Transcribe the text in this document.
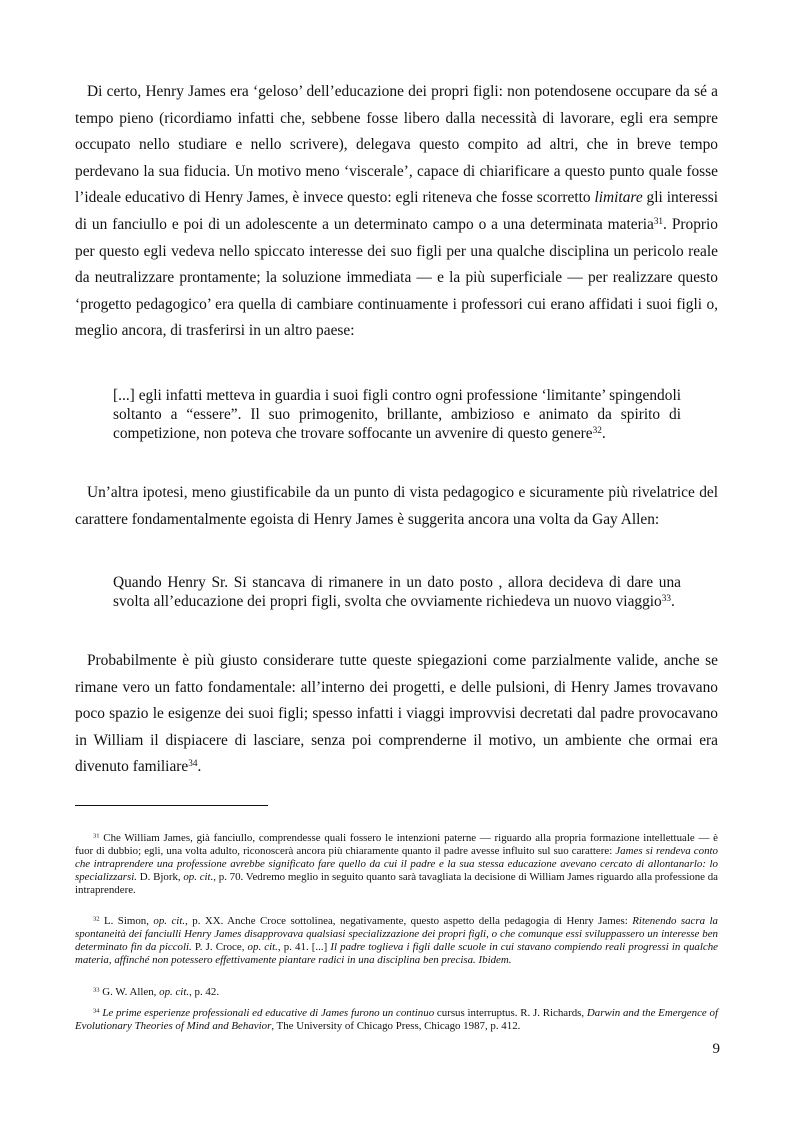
Di certo, Henry James era ‘geloso’ dell’educazione dei propri figli: non potendosene occupare da sé a tempo pieno (ricordiamo infatti che, sebbene fosse libero dalla necessità di lavorare, egli era sempre occupato nello studiare e nello scrivere), delegava questo compito ad altri, che in breve tempo perdevano la sua fiducia. Un motivo meno ‘viscerale’, capace di chiarificare a questo punto quale fosse l’ideale educativo di Henry James, è invece questo: egli riteneva che fosse scorretto limitare gli interessi di un fanciullo e poi di un adolescente a un determinato campo o a una determinata materia$^{31}$. Proprio per questo egli vedeva nello spiccato interesse dei suo figli per una qualche disciplina un pericolo reale da neutralizzare prontamente; la soluzione immediata — e la più superficiale — per realizzare questo ‘progetto pedagogico’ era quella di cambiare continuamente i professori cui erano affidati i suoi figli o, meglio ancora, di trasferirsi in un altro paese:

[...] egli infatti metteva in guardia i suoi figli contro ogni professione ‘limitante’ spingendoli soltanto a “essere”. Il suo primogenito, brillante, ambizioso e animato da spirito di competizione, non poteva che trovare soffocante un avvenire di questo genere$^{32}$.

Un’altra ipotesi, meno giustificabile da un punto di vista pedagogico e sicuramente più rivelatrice del carattere fondamentalmente egoista di Henry James è suggerita ancora una volta da Gay Allen:

Quando Henry Sr. Si stancava di rimanere in un dato posto , allora decideva di dare una svolta all’educazione dei propri figli, svolta che ovviamente richiedeva un nuovo viaggio$^{33}$.

Probabilmente è più giusto considerare tutte queste spiegazioni come parzialmente valide, anche se rimane vero un fatto fondamentale: all’interno dei progetti, e delle pulsioni, di Henry James trovavano poco spazio le esigenze dei suoi figli; spesso infatti i viaggi improvvisi decretati dal padre provocavano in William il dispiacere di lasciare, senza poi comprenderne il motivo, un ambiente che ormai era divenuto familiare$^{34}$.

$^{31}$ Che William James, già fanciullo, comprendesse quali fossero le intenzioni paterne — riguardo alla propria formazione intellettuale — è fuor di dubbio; egli, una volta adulto, riconoscerà ancora più chiaramente quanto il padre avesse influito sul suo carattere: James si rendeva conto che intraprendere una professione avrebbe significato fare quello da cui il padre e la sua stessa educazione avevano cercato di allontanarlo: lo specializzarsi. D. Bjork, op. cit., p. 70. Vedremo meglio in seguito quanto sarà tavagliata la decisione di William James riguardo alla professione da intraprendere.

$^{32}$ L. Simon, op. cit., p. XX. Anche Croce sottolinea, negativamente, questo aspetto della pedagogia di Henry James: Ritenendo sacra la spontaneità dei fanciulli Henry James disapprovava qualsiasi specializzazione dei propri figli, o che comunque essi sviluppassero un interesse ben determinato fin da piccoli. P. J. Croce, op. cit., p. 41. [...] Il padre toglieva i figli dalle scuole in cui stavano compiendo reali progressi in qualche materia, affinché non potessero effettivamente piantare radici in una disciplina ben precisa. Ibidem.

$^{33}$ G. W. Allen, op. cit., p. 42.

$^{34}$ Le prime esperienze professionali ed educative di James furono un continuo cursus interruptus. R. J. Richards, Darwin and the Emergence of Evolutionary Theories of Mind and Behavior, The University of Chicago Press, Chicago 1987, p. 412.

9
